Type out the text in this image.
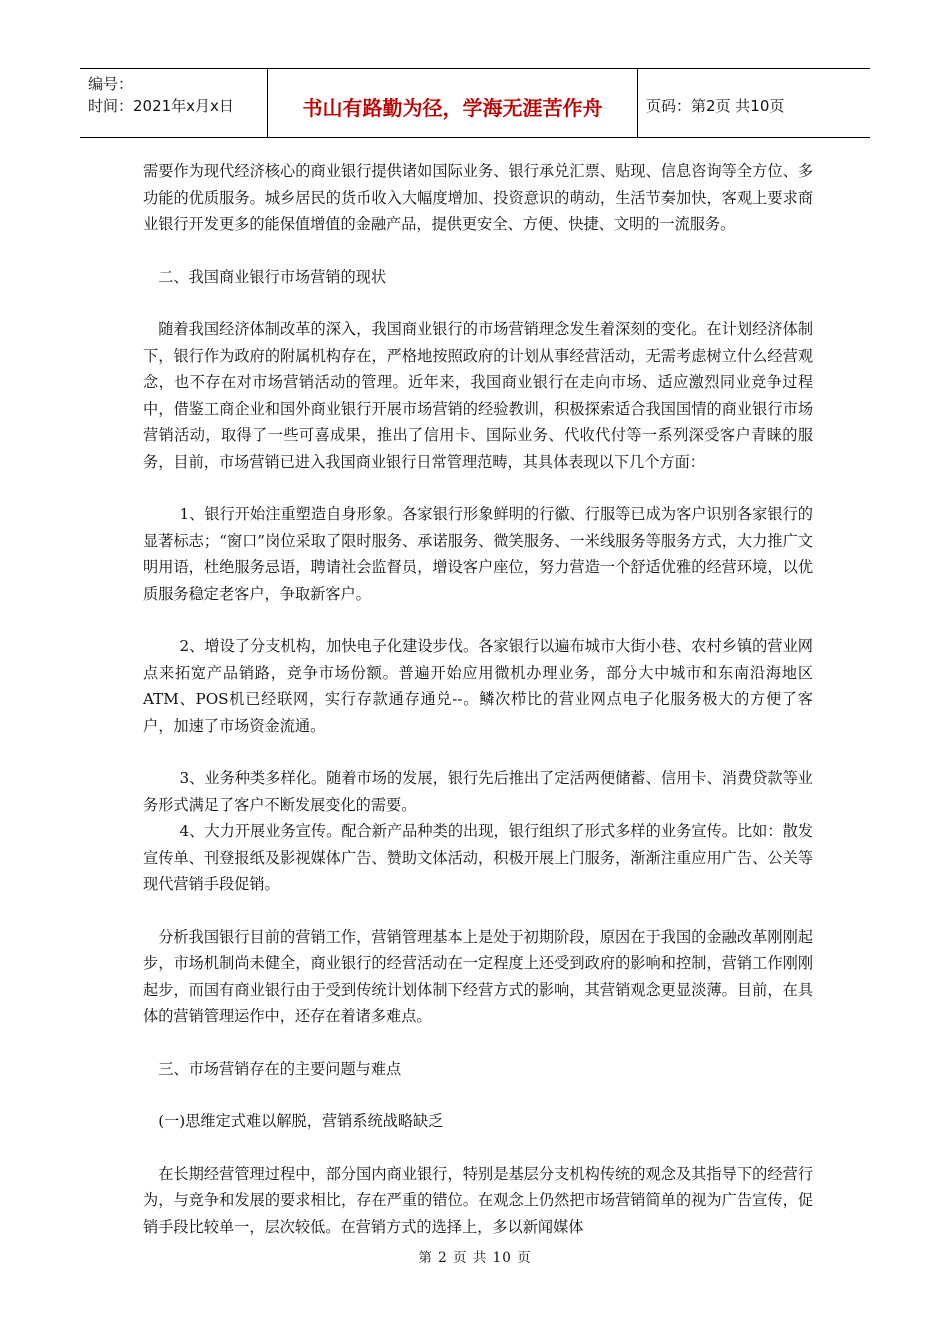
编号：
时间：2021年x月x日	书山有路勤为径，学海无涯苦作舟	页码：第2页 共10页

需要作为现代经济核心的商业银行提供诸如国际业务、银行承兑汇票、贴现、信息咨询等全方位、多功能的优质服务。城乡居民的货币收入大幅度增加、投资意识的萌动，生活节奏加快，客观上要求商业银行开发更多的能保值增值的金融产品，提供更安全、方便、快捷、文明的一流服务。

二、我国商业银行市场营销的现状

随着我国经济体制改革的深入，我国商业银行的市场营销理念发生着深刻的变化。在计划经济体制下，银行作为政府的附属机构存在，严格地按照政府的计划从事经营活动，无需考虑树立什么经营观念，也不存在对市场营销活动的管理。近年来，我国商业银行在走向市场、适应激烈同业竞争过程中，借鉴工商企业和国外商业银行开展市场营销的经验教训，积极探索适合我国国情的商业银行市场营销活动，取得了一些可喜成果，推出了信用卡、国际业务、代收代付等一系列深受客户青睐的服务，目前，市场营销已进入我国商业银行日常管理范畴，其具体表现以下几个方面：

1、银行开始注重塑造自身形象。各家银行形象鲜明的行徽、行服等已成为客户识别各家银行的显著标志；“窗口”岗位采取了限时服务、承诺服务、微笑服务、一米线服务等服务方式，大力推广文明用语，杜绝服务忌语，聘请社会监督员，增设客户座位，努力营造一个舒适优雅的经营环境，以优质服务稳定老客户，争取新客户。

2、增设了分支机构，加快电子化建设步伐。各家银行以遍布城市大街小巷、农村乡镇的营业网点来拓宽产品销路，竞争市场份额。普遍开始应用微机办理业务，部分大中城市和东南沿海地区ATM、POS机已经联网，实行存款通存通兑--。鳞次栉比的营业网点电子化服务极大的方便了客户，加速了市场资金流通。

3、业务种类多样化。随着市场的发展，银行先后推出了定活两便储蓄、信用卡、消费贷款等业务形式满足了客户不断发展变化的需要。

4、大力开展业务宣传。配合新产品种类的出现，银行组织了形式多样的业务宣传。比如：散发宣传单、刊登报纸及影视媒体广告、赞助文体活动，积极开展上门服务，渐渐注重应用广告、公关等现代营销手段促销。

分析我国银行目前的营销工作，营销管理基本上是处于初期阶段，原因在于我国的金融改革刚刚起步，市场机制尚未健全，商业银行的经营活动在一定程度上还受到政府的影响和控制，营销工作刚刚起步，而国有商业银行由于受到传统计划体制下经营方式的影响，其营销观念更显淡薄。目前，在具体的营销管理运作中，还存在着诸多难点。

三、市场营销存在的主要问题与难点

(一)思维定式难以解脱，营销系统战略缺乏

在长期经营管理过程中，部分国内商业银行，特别是基层分支机构传统的观念及其指导下的经营行为，与竞争和发展的要求相比，存在严重的错位。在观念上仍然把市场营销简单的视为广告宣传，促销手段比较单一，层次较低。在营销方式的选择上，多以新闻媒体

第 2 页 共 10 页
